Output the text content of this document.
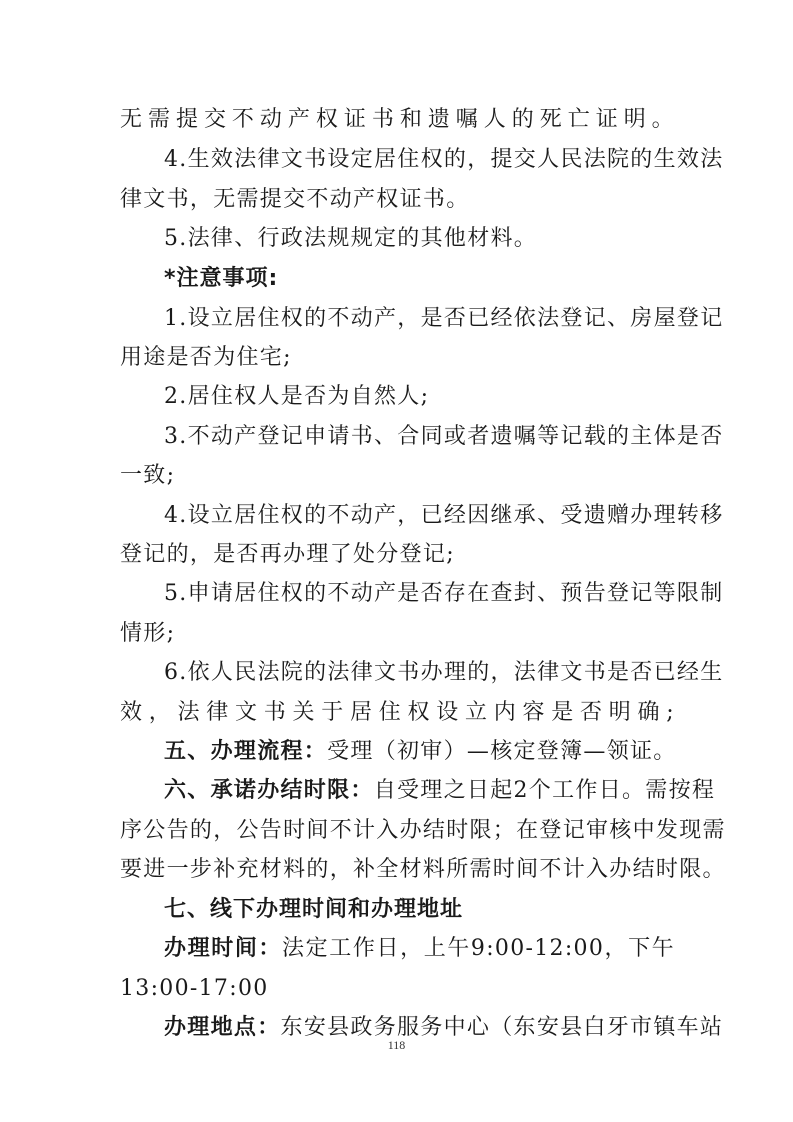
无需提交不动产权证书和遗嘱人的死亡证明。
4.生效法律文书设定居住权的，提交人民法院的生效法
律文书，无需提交不动产权证书。
5.法律、行政法规规定的其他材料。
*注意事项:
1.设立居住权的不动产，是否已经依法登记、房屋登记
用途是否为住宅;
2.居住权人是否为自然人;
3.不动产登记申请书、合同或者遗嘱等记载的主体是否
一致;
4.设立居住权的不动产，已经因继承、受遗赠办理转移
登记的，是否再办理了处分登记;
5.申请居住权的不动产是否存在查封、预告登记等限制
情形;
6.依人民法院的法律文书办理的，法律文书是否已经生
效，法律文书关于居住权设立内容是否明确;
五、办理流程：受理（初审）—核定登簿—领证。
六、承诺办结时限：自受理之日起2个工作日。需按程
序公告的，公告时间不计入办结时限；在登记审核中发现需
要进一步补充材料的，补全材料所需时间不计入办结时限。
七、线下办理时间和办理地址
办理时间：法定工作日，上午9:00-12:00，下午
13:00-17:00
办理地点：东安县政务服务中心（东安县白牙市镇车站
118
